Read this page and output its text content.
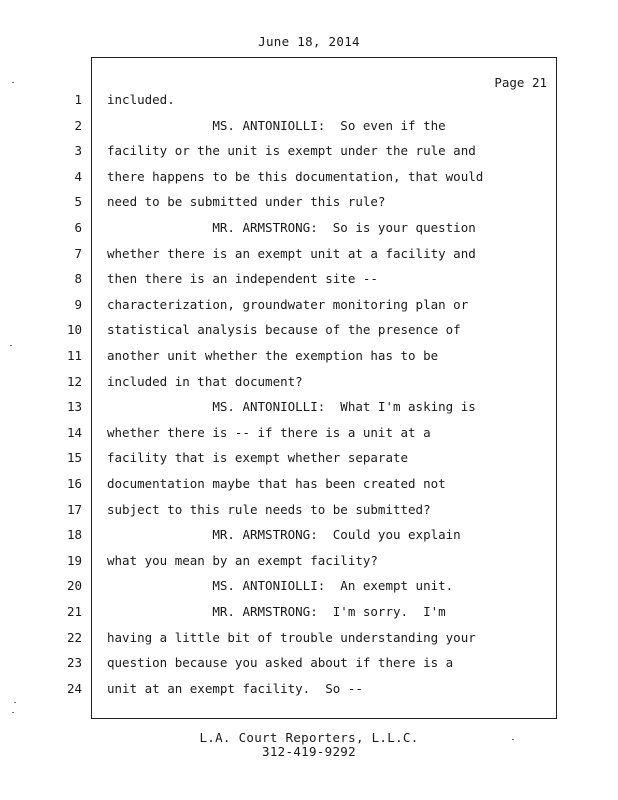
June 18, 2014
Page 21
1 included.
2 MS. ANTONIOLLI:  So even if the
3 facility or the unit is exempt under the rule and
4 there happens to be this documentation, that would
5 need to be submitted under this rule?
6 MR. ARMSTRONG:  So is your question
7 whether there is an exempt unit at a facility and
8 then there is an independent site --
9 characterization, groundwater monitoring plan or
10 statistical analysis because of the presence of
11 another unit whether the exemption has to be
12 included in that document?
13 MS. ANTONIOLLI:  What I'm asking is
14 whether there is -- if there is a unit at a
15 facility that is exempt whether separate
16 documentation maybe that has been created not
17 subject to this rule needs to be submitted?
18 MR. ARMSTRONG:  Could you explain
19 what you mean by an exempt facility?
20 MS. ANTONIOLLI:  An exempt unit.
21 MR. ARMSTRONG:  I'm sorry.  I'm
22 having a little bit of trouble understanding your
23 question because you asked about if there is a
24 unit at an exempt facility.  So --
L.A. Court Reporters, L.L.C.
312-419-9292
